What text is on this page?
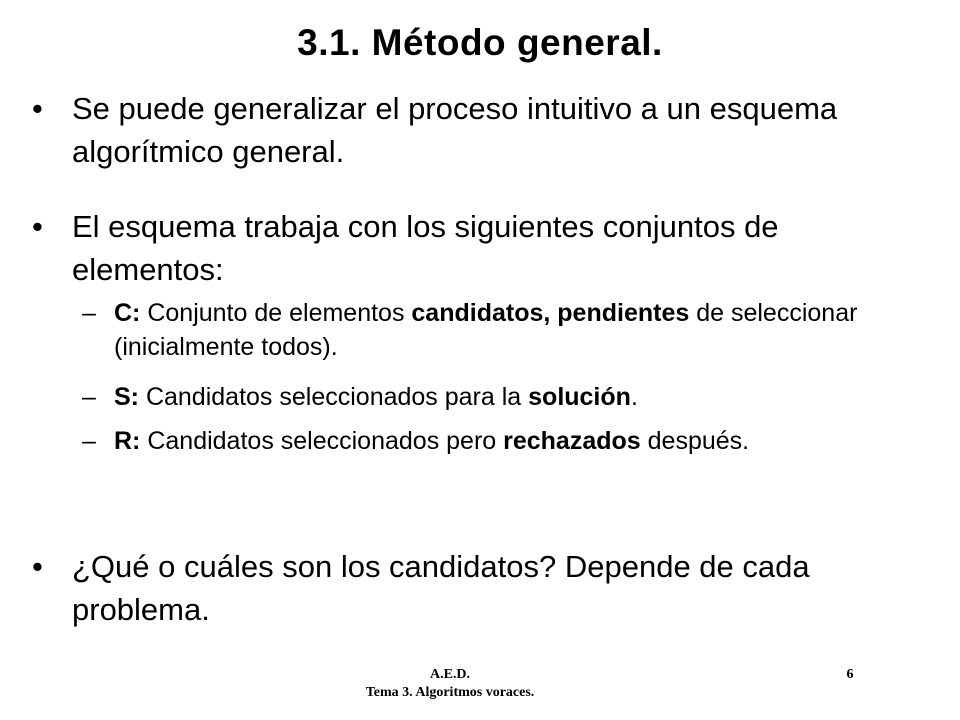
3.1. Método general.
• Se puede generalizar el proceso intuitivo a un esquema algorítmico general.
• El esquema trabaja con los siguientes conjuntos de elementos:
– C: Conjunto de elementos candidatos, pendientes de seleccionar (inicialmente todos).
– S: Candidatos seleccionados para la solución.
– R: Candidatos seleccionados pero rechazados después.
• ¿Qué o cuáles son los candidatos? Depende de cada problema.
A.E.D.
Tema 3. Algoritmos voraces.
6
